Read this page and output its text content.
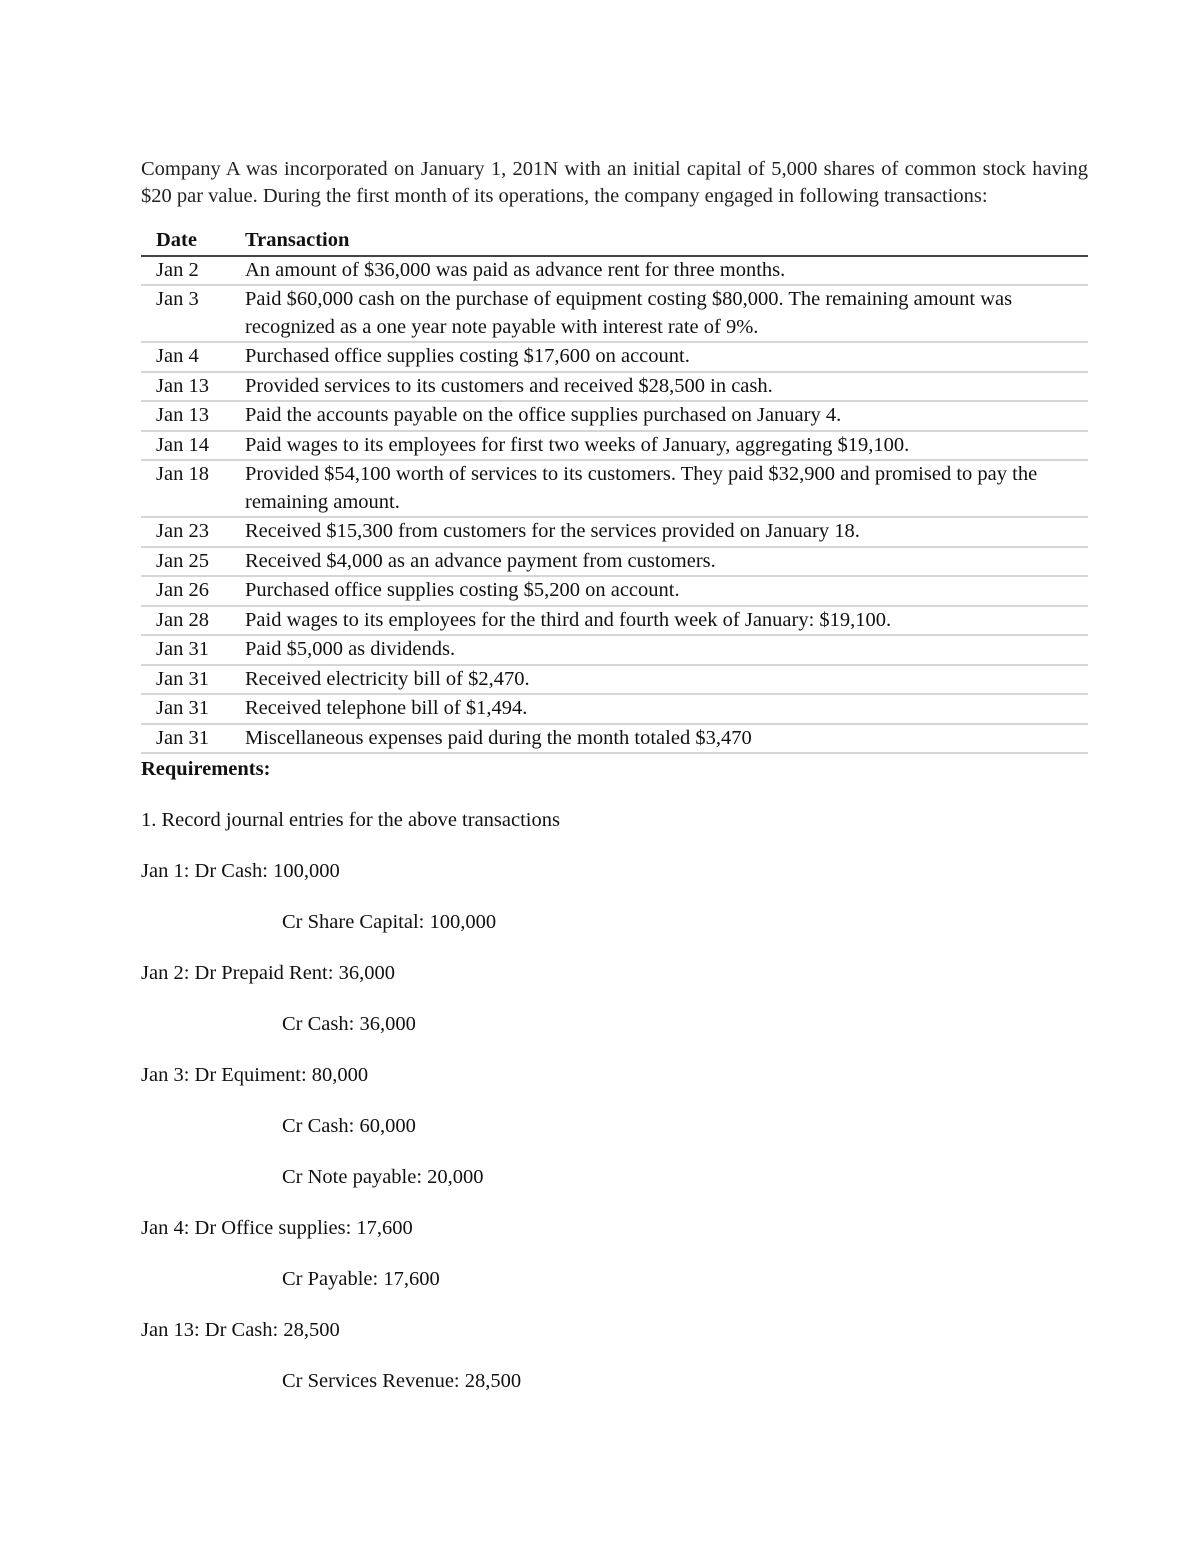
Company A was incorporated on January 1, 201N with an initial capital of 5,000 shares of common stock having $20 par value. During the first month of its operations, the company engaged in following transactions:

Date	Transaction
Jan 2	An amount of $36,000 was paid as advance rent for three months.
Jan 3	Paid $60,000 cash on the purchase of equipment costing $80,000. The remaining amount was recognized as a one year note payable with interest rate of 9%.
Jan 4	Purchased office supplies costing $17,600 on account.
Jan 13	Provided services to its customers and received $28,500 in cash.
Jan 13	Paid the accounts payable on the office supplies purchased on January 4.
Jan 14	Paid wages to its employees for first two weeks of January, aggregating $19,100.
Jan 18	Provided $54,100 worth of services to its customers. They paid $32,900 and promised to pay the remaining amount.
Jan 23	Received $15,300 from customers for the services provided on January 18.
Jan 25	Received $4,000 as an advance payment from customers.
Jan 26	Purchased office supplies costing $5,200 on account.
Jan 28	Paid wages to its employees for the third and fourth week of January: $19,100.
Jan 31	Paid $5,000 as dividends.
Jan 31	Received electricity bill of $2,470.
Jan 31	Received telephone bill of $1,494.
Jan 31	Miscellaneous expenses paid during the month totaled $3,470

Requirements:

1. Record journal entries for the above transactions

Jan 1: Dr Cash: 100,000

Cr Share Capital: 100,000

Jan 2: Dr Prepaid Rent: 36,000

Cr Cash: 36,000

Jan 3: Dr Equiment: 80,000

Cr Cash: 60,000

Cr Note payable: 20,000

Jan 4: Dr Office supplies: 17,600

Cr Payable: 17,600

Jan 13: Dr Cash: 28,500

Cr Services Revenue: 28,500
